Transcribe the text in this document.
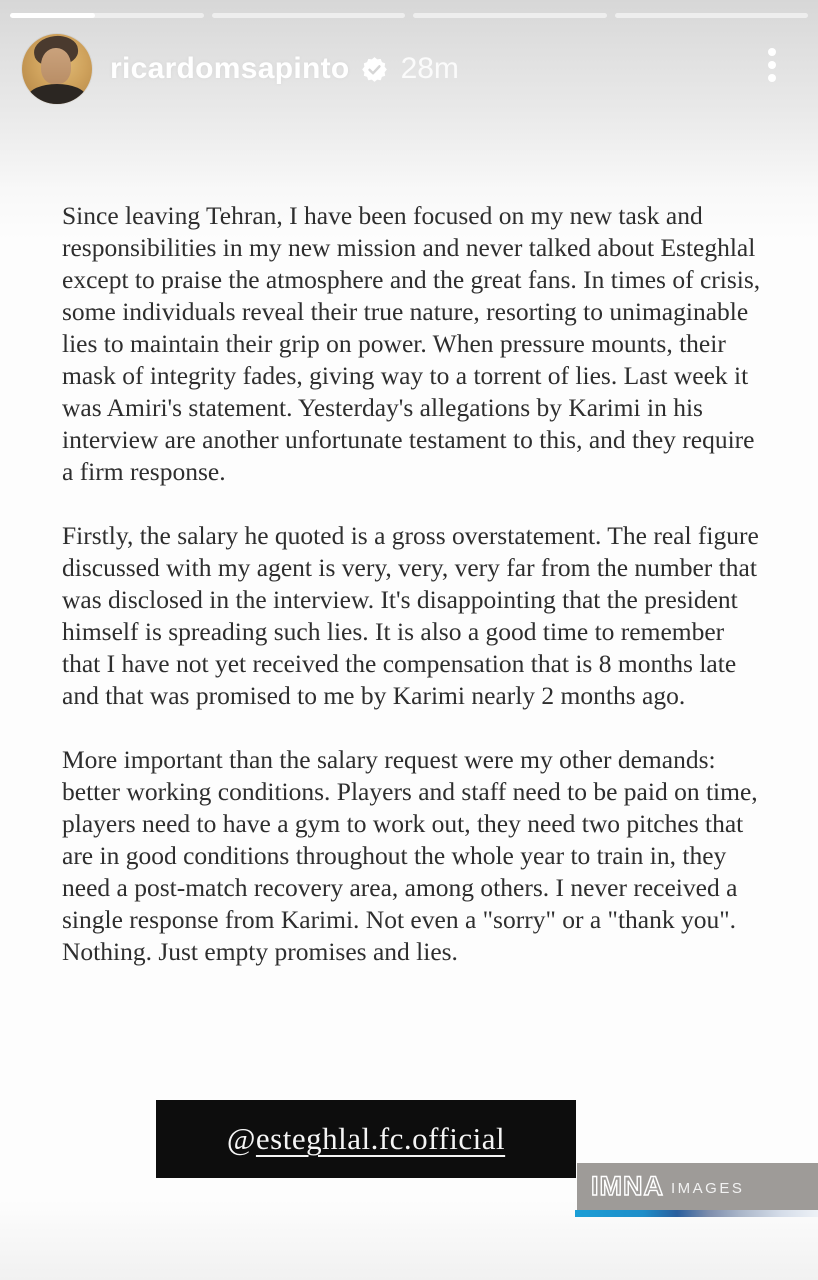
ricardomsapinto 28m

Since leaving Tehran, I have been focused on my new task and responsibilities in my new mission and never talked about Esteghlal except to praise the atmosphere and the great fans. In times of crisis, some individuals reveal their true nature, resorting to unimaginable lies to maintain their grip on power. When pressure mounts, their mask of integrity fades, giving way to a torrent of lies. Last week it was Amiri's statement. Yesterday's allegations by Karimi in his interview are another unfortunate testament to this, and they require a firm response.

Firstly, the salary he quoted is a gross overstatement. The real figure discussed with my agent is very, very, very far from the number that was disclosed in the interview. It's disappointing that the president himself is spreading such lies. It is also a good time to remember that I have not yet received the compensation that is 8 months late and that was promised to me by Karimi nearly 2 months ago.

More important than the salary request were my other demands: better working conditions. Players and staff need to be paid on time, players need to have a gym to work out, they need two pitches that are in good conditions throughout the whole year to train in, they need a post-match recovery area, among others. I never received a single response from Karimi. Not even a "sorry" or a "thank you". Nothing. Just empty promises and lies.

@esteghlal.fc.official
IMNA IMAGES
